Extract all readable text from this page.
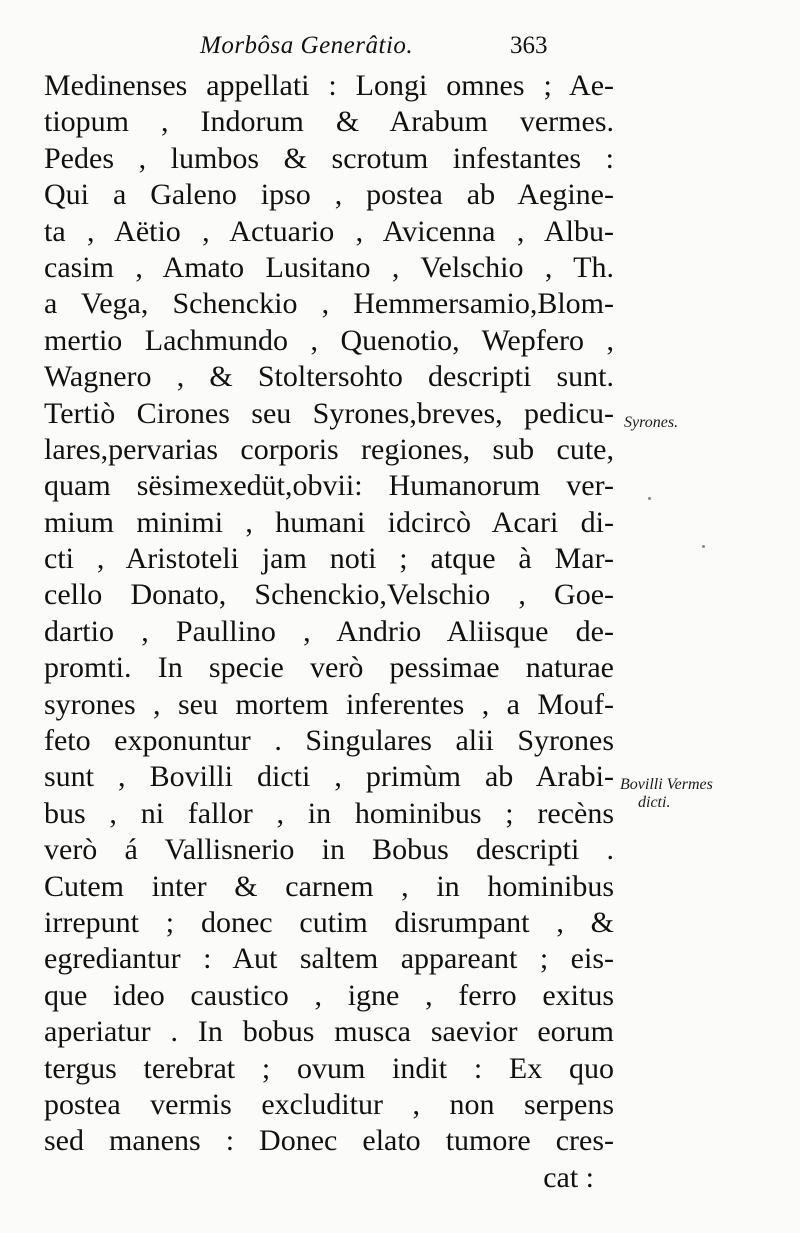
Morbôsa Generâtio.	363
Medinenses appellati : Longi omnes ; Ae-
tiopum , Indorum & Arabum vermes.
Pedes , lumbos & scrotum infestantes :
Qui a Galeno ipso , postea ab Aegine-
ta , Aëtio , Actuario , Avicenna , Albu-
casim , Amato Lusitano , Velschio , Th.
a Vega, Schenckio , Hemmersamio,Blom-
mertio Lachmundo , Quenotio, Wepfero ,
Wagnero , & Stoltersohto descripti sunt.
Tertiò Cirones seu Syrones,breves, pedicu-
lares,pervarias corporis regiones, sub cute,
quam sësimexedüt,obvii: Humanorum ver-
mium minimi , humani idcircò Acari di-
cti , Aristoteli jam noti ; atque à Mar-
cello Donato, Schenckio,Velschio , Goe-
dartio , Paullino , Andrio Aliisque de-
promti. In specie verò pessimae naturae
syrones , seu mortem inferentes , a Mouf-
feto exponuntur . Singulares alii Syrones
sunt , Bovilli dicti , primùm ab Arabi-
bus , ni fallor , in hominibus ; recèns
verò á Vallisnerio in Bobus descripti .
Cutem inter & carnem , in hominibus
irrepunt ; donec cutim disrumpant , &
egrediantur : Aut saltem appareant ; eis-
que ideo caustico , igne , ferro exitus
aperiatur . In bobus musca saevior eorum
tergus terebrat ; ovum indit : Ex quo
postea vermis excluditur , non serpens
sed manens : Donec elato tumore cres-
cat :
Syrones.
Bovilli Vermes
dicti.
